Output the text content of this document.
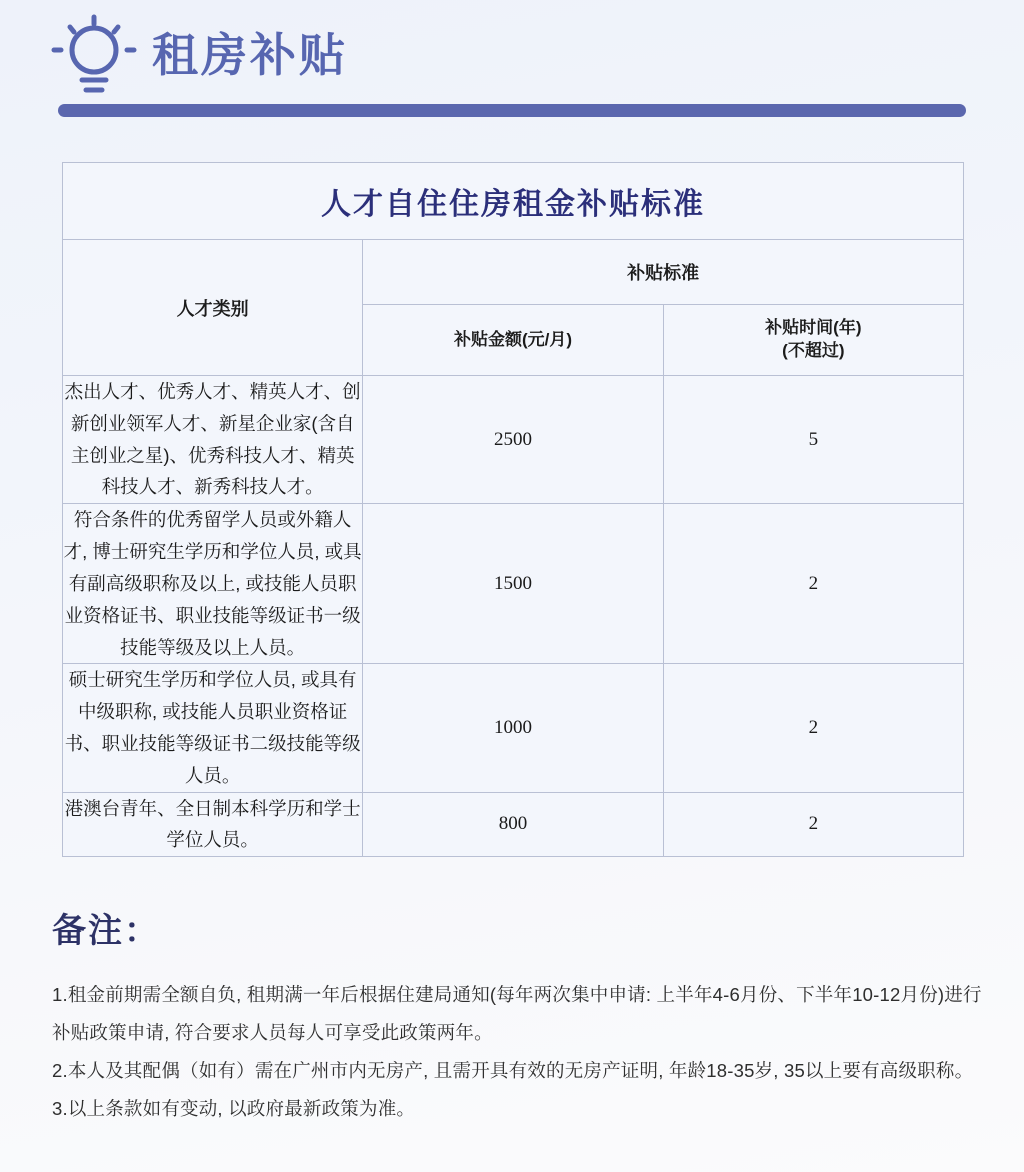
租房补贴
人才自住住房租金补贴标准		
人才类别	补贴标准	
	补贴金额(元/月)	补贴时间(年)
(不超过)

杰出人才、优秀人才、精英人才、创新创业领军人才、新星企业家(含自主创业之星)、优秀科技人才、精英科技人才、新秀科技人才。	2500	5
符合条件的优秀留学人员或外籍人才, 博士研究生学历和学位人员, 或具有副高级职称及以上, 或技能人员职业资格证书、职业技能等级证书一级技能等级及以上人员。	1500	2
硕士研究生学历和学位人员, 或具有中级职称, 或技能人员职业资格证书、职业技能等级证书二级技能等级人员。	1000	2
港澳台青年、全日制本科学历和学士学位人员。	800	2
备注：

1.租金前期需全额自负, 租期满一年后根据住建局通知(每年两次集中申请: 上半年4-6月份、下半年10-12月份)进行补贴政策申请, 符合要求人员每人可享受此政策两年。

2.本人及其配偶（如有）需在广州市内无房产, 且需开具有效的无房产证明, 年龄18-35岁, 35以上要有高级职称。

3.以上条款如有变动, 以政府最新政策为准。
